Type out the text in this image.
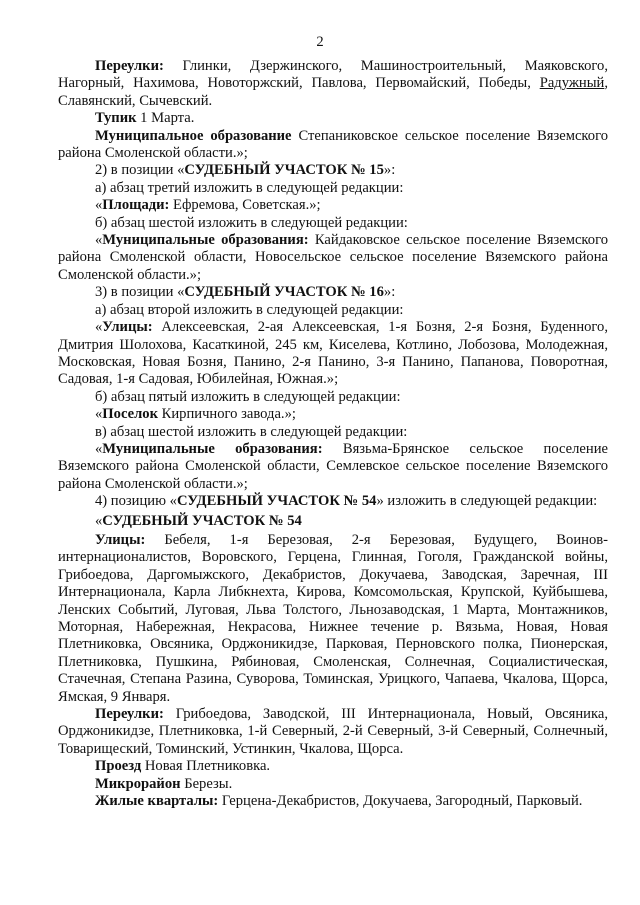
2

Переулки: Глинки, Дзержинского, Машиностроительный, Маяковского, Нагорный, Нахимова, Новоторжский, Павлова, Первомайский, Победы, Радужный, Славянский, Сычевский.

Тупик 1 Марта.

Муниципальное образование Степаниковское сельское поселение Вяземского района Смоленской области.»;

2) в позиции «СУДЕБНЫЙ УЧАСТОК № 15»:

а) абзац третий изложить в следующей редакции:

«Площади: Ефремова, Советская.»;

б) абзац шестой изложить в следующей редакции:

«Муниципальные образования: Кайдаковское сельское поселение Вяземского района Смоленской области, Новосельское сельское поселение Вяземского района Смоленской области.»;

3) в позиции «СУДЕБНЫЙ УЧАСТОК № 16»:

а) абзац второй изложить в следующей редакции:

«Улицы: Алексеевская, 2-ая Алексеевская, 1-я Бозня, 2-я Бозня, Буденного, Дмитрия Шолохова, Касаткиной, 245 км, Киселева, Котлино, Лобозова, Молодежная, Московская, Новая Бозня, Панино, 2-я Панино, 3-я Панино, Папанова, Поворотная, Садовая, 1-я Садовая, Юбилейная, Южная.»;

б) абзац пятый изложить в следующей редакции:

«Поселок Кирпичного завода.»;

в) абзац шестой изложить в следующей редакции:

«Муниципальные образования: Вязьма-Брянское сельское поселение Вяземского района Смоленской области, Семлевское сельское поселение Вяземского района Смоленской области.»;

4) позицию «СУДЕБНЫЙ УЧАСТОК № 54» изложить в следующей редакции:

«СУДЕБНЫЙ УЧАСТОК № 54

Улицы: Бебеля, 1-я Березовая, 2-я Березовая, Будущего, Воинов-интернационалистов, Воровского, Герцена, Глинная, Гоголя, Гражданской войны, Грибоедова, Даргомыжского, Декабристов, Докучаева, Заводская, Заречная, III Интернационала, Карла Либкнехта, Кирова, Комсомольская, Крупской, Куйбышева, Ленских Событий, Луговая, Льва Толстого, Льнозаводская, 1 Марта, Монтажников, Моторная, Набережная, Некрасова, Нижнее течение р. Вязьма, Новая, Новая Плетниковка, Овсяника, Орджоникидзе, Парковая, Перновского полка, Пионерская, Плетниковка, Пушкина, Рябиновая, Смоленская, Солнечная, Социалистическая, Стачечная, Степана Разина, Суворова, Томинская, Урицкого, Чапаева, Чкалова, Щорса, Ямская, 9 Января.

Переулки: Грибоедова, Заводской, III Интернационала, Новый, Овсяника, Орджоникидзе, Плетниковка, 1-й Северный, 2-й Северный, 3-й Северный, Солнечный, Товарищеский, Томинский, Устинкин, Чкалова, Щорса.

Проезд Новая Плетниковка.

Микрорайон Березы.

Жилые кварталы: Герцена-Декабристов, Докучаева, Загородный, Парковый.
